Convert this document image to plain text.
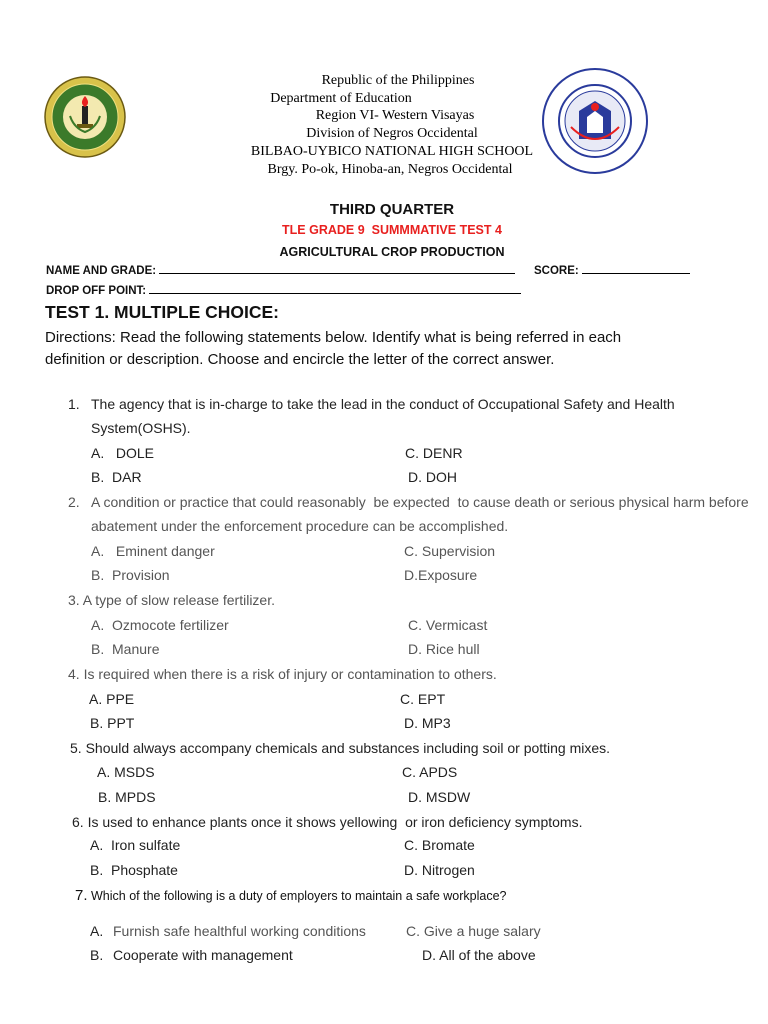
Republic of the Philippines
Department of Education
Region VI- Western Visayas
Division of Negros Occidental
BILBAO-UYBICO NATIONAL HIGH SCHOOL
Brgy. Po-ok, Hinoba-an, Negros Occidental
THIRD QUARTER
TLE GRADE 9  SUMMMATIVE TEST 4
AGRICULTURAL CROP PRODUCTION
NAME AND GRADE:	SCORE:
DROP OFF POINT:
TEST 1. MULTIPLE CHOICE:
Directions: Read the following statements below. Identify what is being referred in each
definition or description. Choose and encircle the letter of the correct answer.
1. The agency that is in-charge to take the lead in the conduct of Occupational Safety and Health
System(OSHS).
A.   DOLE	C. DENR
B.  DAR	D. DOH
2. A condition or practice that could reasonably  be expected  to cause death or serious physical harm before
abatement under the enforcement procedure can be accomplished.
A.   Eminent danger	C. Supervision
B.  Provision	D.Exposure
3. A type of slow release fertilizer.
A.  Ozmocote fertilizer	C. Vermicast
B.  Manure	D. Rice hull
4. Is required when there is a risk of injury or contamination to others.
A. PPE	C. EPT
B. PPT	D. MP3
5. Should always accompany chemicals and substances including soil or potting mixes.
A. MSDS	C. APDS
B. MPDS	D. MSDW
6. Is used to enhance plants once it shows yellowing  or iron deficiency symptoms.
A.  Iron sulfate	C. Bromate
B.  Phosphate	D. Nitrogen
7. Which of the following is a duty of employers to maintain a safe workplace?
A. Furnish safe healthful working conditions	C. Give a huge salary
B. Cooperate with management	D. All of the above
